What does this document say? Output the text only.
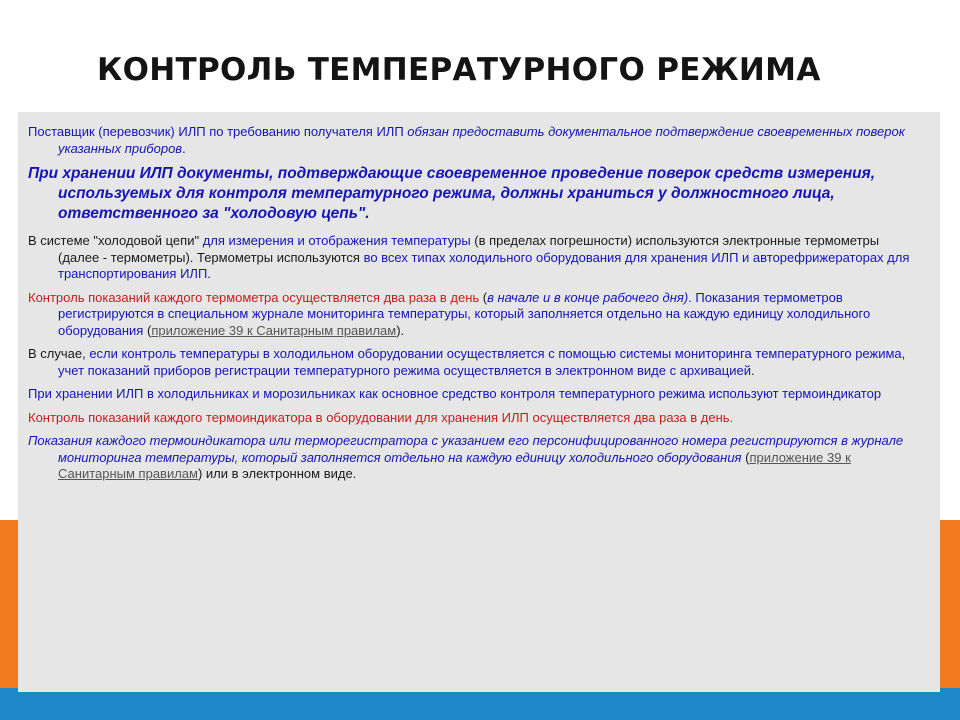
КОНТРОЛЬ ТЕМПЕРАТУРНОГО РЕЖИМА

Поставщик (перевозчик) ИЛП по требованию получателя ИЛП обязан предоставить документальное подтверждение своевременных поверок указанных приборов.

При хранении ИЛП документы, подтверждающие своевременное проведение поверок средств измерения, используемых для контроля температурного режима, должны храниться у должностного лица, ответственного за "холодовую цепь".

В системе "холодовой цепи" для измерения и отображения температуры (в пределах погрешности) используются электронные термометры (далее - термометры). Термометры используются во всех типах холодильного оборудования для хранения ИЛП и авторефрижераторах для транспортирования ИЛП.

Контроль показаний каждого термометра осуществляется два раза в день (в начале и в конце рабочего дня). Показания термометров регистрируются в специальном журнале мониторинга температуры, который заполняется отдельно на каждую единицу холодильного оборудования (приложение 39 к Санитарным правилам).

В случае, если контроль температуры в холодильном оборудовании осуществляется с помощью системы мониторинга температурного режима, учет показаний приборов регистрации температурного режима осуществляется в электронном виде с архивацией.

При хранении ИЛП в холодильниках и морозильниках как основное средство контроля температурного режима используют термоиндикатор

Контроль показаний каждого термоиндикатора в оборудовании для хранения ИЛП осуществляется два раза в день.

Показания каждого термоиндикатора или терморегистратора с указанием его персонифицированного номера регистрируются в журнале мониторинга температуры, который заполняется отдельно на каждую единицу холодильного оборудования (приложение 39 к Санитарным правилам) или в электронном виде.
